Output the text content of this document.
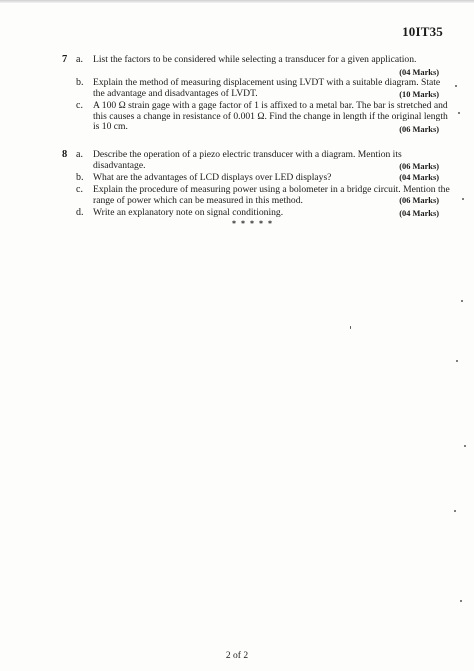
10IT35
7 a. List the factors to be considered while selecting a transducer for a given application.
(04 Marks)
b. Explain the method of measuring displacement using LVDT with a suitable diagram. State
the advantage and disadvantages of LVDT.	(10 Marks)
c. A 100 Ω strain gage with a gage factor of 1 is affixed to a metal bar. The bar is stretched and
this causes a change in resistance of 0.001 Ω. Find the change in length if the original length
is 10 cm.	(06 Marks)
8 a. Describe the operation of a piezo electric transducer with a diagram. Mention its
disadvantage.	(06 Marks)
b. What are the advantages of LCD displays over LED displays?	(04 Marks)
c. Explain the procedure of measuring power using a bolometer in a bridge circuit. Mention the
range of power which can be measured in this method.	(06 Marks)
d. Write an explanatory note on signal conditioning.	(04 Marks)
* * * * *
2 of 2
